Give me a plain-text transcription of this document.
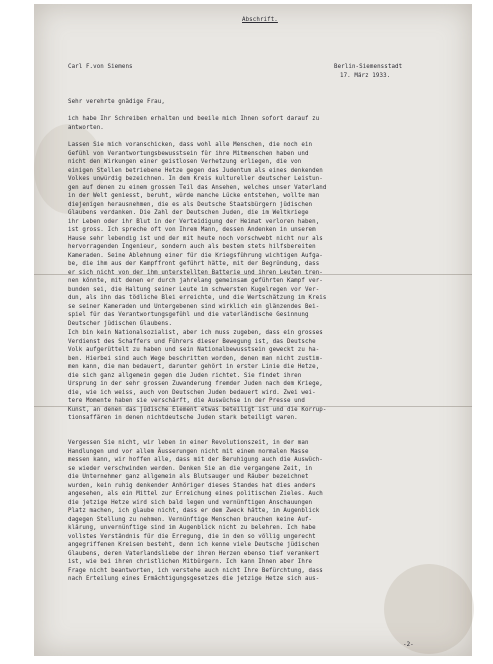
Abschrift.
Carl F.von Siemens	Berlin-Siemensstadt
17. März 1933.
Sehr verehrte gnädige Frau,
ich habe Ihr Schreiben erhalten und beeile mich Ihnen sofort darauf zu
antworten.
Lassen Sie mich voranschicken, dass wohl alle Menschen, die noch ein
Gefühl von Verantwortungsbewusstsein für ihre Mitmenschen haben und
nicht den Wirkungen einer geistlosen Verhetzung erliegen, die von
einigen Stellen betriebene Hetze gegen das Judentum als eines denkenden
Volkes unwürdig bezeichnen. In dem Kreis kultureller deutscher Leistun-
gen auf denen zu einem grossen Teil das Ansehen, welches unser Vaterland
in der Welt geniesst, beruht, würde manche Lücke entstehen, wollte man
diejenigen herausnehmen, die es als Deutsche Staatsbürgern jüdischen
Glaubens verdanken. Die Zahl der Deutschen Juden, die im Weltkriege
ihr Leben oder ihr Blut in der Verteidigung der Heimat verloren haben,
ist gross. Ich spreche oft von Ihrem Mann, dessen Andenken in unserem
Hause sehr lebendig ist und der mit heute noch vorschwebt nicht nur als
hervorragenden Ingenieur, sondern auch als bestem stets hilfsbereiten
Kameraden. Seine Ablehnung einer für die Kriegsführung wichtigen Aufga-
be, die ihm aus der Kampffront geführt hätte, mit der Begründung, dass
er sich nicht von der ihm unterstellten Batterie und ihren Leuten tren-
nen könnte, mit denen er durch jahrelang gemeinsam geführten Kampf ver-
bunden sei, die Haltung seiner Leute im schwersten Kugelregen vor Ver-
dun, als ihn das tödliche Blei erreichte, und die Wertschätzung im Kreis
se seiner Kameraden und Untergebenen sind wirklich ein glänzendes Bei-
spiel für das Verantwortungsgefühl und die vaterländische Gesinnung
Deutscher jüdischen Glaubens.
Ich bin kein Nationalsozialist, aber ich muss zugeben, dass ein grosses
Verdienst des Schaffers und Führers dieser Bewegung ist, das Deutsche
Volk aufgerüttelt zu haben und sein Nationalbewusstsein geweckt zu ha-
ben. Hierbei sind auch Wege beschritten worden, denen man nicht zustim-
men kann, die man bedauert, darunter gehört in erster Linie die Hetze,
die sich ganz allgemein gegen die Juden richtet. Sie findet ihren
Ursprung in der sehr grossen Zuwanderung fremder Juden nach dem Kriege,
die, wie ich weiss, auch von Deutschen Juden bedauert wird. Zwei wei-
tere Momente haben sie verschärft, die Auswüchse in der Presse und
Kunst, an denen das jüdische Element etwas beteiligt ist und die Korrup-
tionsaffären in denen nichtdeutsche Juden stark beteiligt waren.
Vergessen Sie nicht, wir leben in einer Revolutionszeit, in der man
Handlungen und vor allem Äusserungen nicht mit einem normalen Masse
messen kann, wir hoffen alle, dass mit der Beruhigung auch die Auswüch-
se wieder verschwinden werden. Denken Sie an die vergangene Zeit, in
die Unternehmer ganz allgemein als Blutsauger und Räuber bezeichnet
wurden, kein ruhig denkender Anhöriger dieses Standes hat dies anders
angesehen, als ein Mittel zur Erreichung eines politischen Zieles. Auch
die jetzige Hetze wird sich bald legen und vernünftigen Anschauungen
Platz machen, ich glaube nicht, dass er dem Zweck hätte, im Augenblick
dagegen Stellung zu nehmen. Vernünftige Menschen brauchen keine Auf-
klärung, unvernünftige sind im Augenblick nicht zu belehren. Ich habe
vollstes Verständnis für die Erregung, die in den so völlig ungerecht
angegriffenen Kreisen besteht, denn ich kenne viele Deutsche jüdischen
Glaubens, deren Vaterlandsliebe der ihren Herzen ebenso tief verankert
ist, wie bei ihren christlichen Mitbürgern. Ich kann Ihnen aber Ihre
Frage nicht beantworten, ich verstehe auch nicht Ihre Befürchtung, dass
nach Erteilung eines Ermächtigungsgesetzes die jetzige Hetze sich aus-
-2-
